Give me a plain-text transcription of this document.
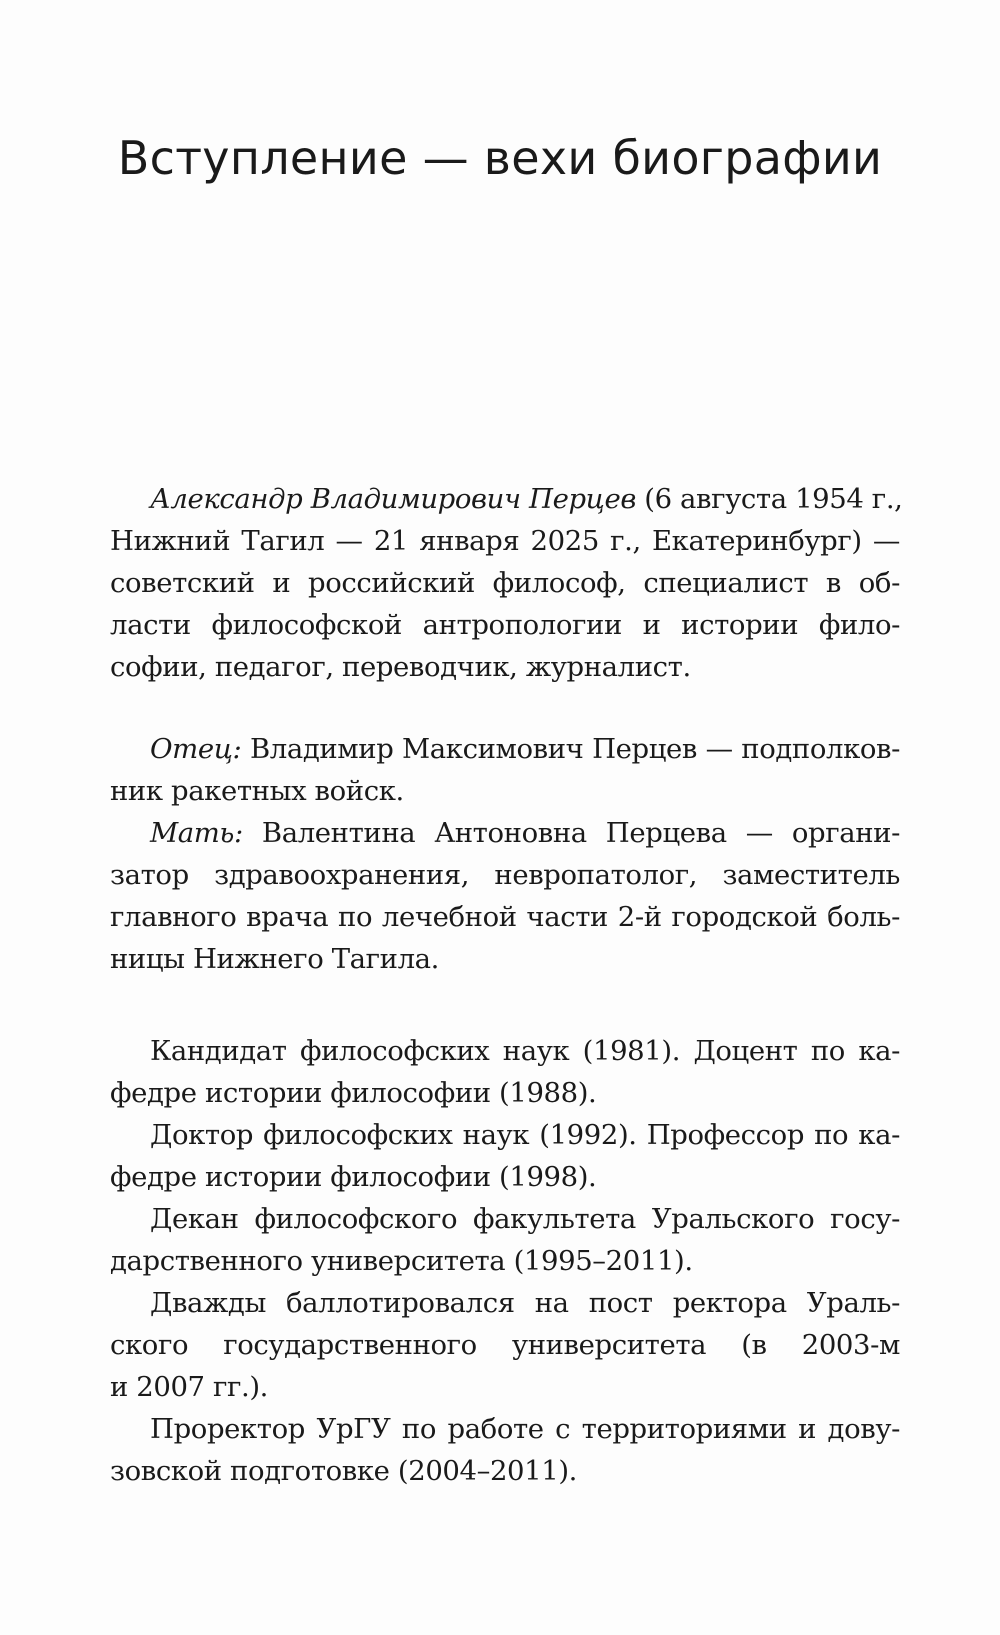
Вступление — вехи биографии
Александр Владимирович Перцев (6 августа 1954 г.,
Нижний Тагил — 21 января 2025 г., Екатеринбург) —
советский и российский философ, специалист в об-
ласти философской антропологии и истории фило-
софии, педагог, переводчик, журналист.
Отец: Владимир Максимович Перцев — подполков-
ник ракетных войск.
Мать: Валентина Антоновна Перцева — органи-
затор здравоохранения, невропатолог, заместитель
главного врача по лечебной части 2-й городской боль-
ницы Нижнего Тагила.
Кандидат философских наук (1981). Доцент по ка-
федре истории философии (1988).
Доктор философских наук (1992). Профессор по ка-
федре истории философии (1998).
Декан философского факультета Уральского госу-
дарственного университета (1995–2011).
Дважды баллотировался на пост ректора Ураль-
ского государственного университета (в 2003-м
и 2007 гг.).
Проректор УрГУ по работе с территориями и дову-
зовской подготовке (2004–2011).
